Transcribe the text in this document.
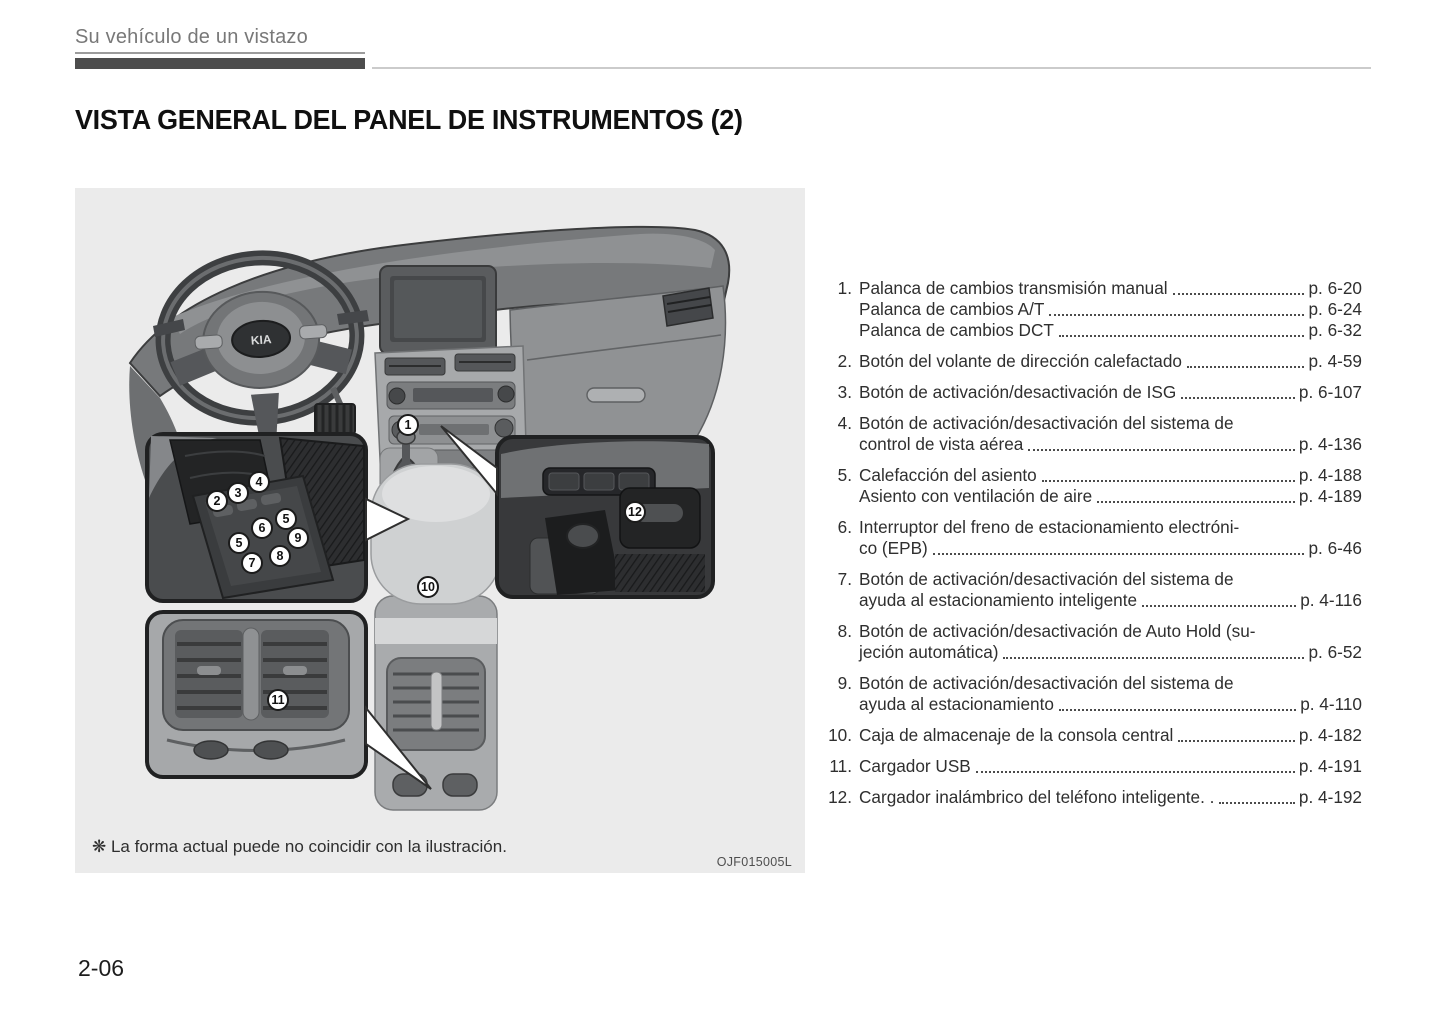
Su vehículo de un vistazo
VISTA GENERAL DEL PANEL DE INSTRUMENTOS (2)
KIA
1
2
3
4
5
6
5	9
7	8
10
11
12
❋ La forma actual puede no coincidir con la ilustración.
OJF015005L
1. Palanca de cambios transmisión manual	p. 6-20
Palanca de cambios A/T	p. 6-24
Palanca de cambios DCT	p. 6-32
2. Botón del volante de dirección calefactado	p. 4-59
3. Botón de activación/desactivación de ISG	p. 6-107
4. Botón de activación/desactivación del sistema de
control de vista aérea	p. 4-136
5. Calefacción del asiento	p. 4-188
Asiento con ventilación de aire	p. 4-189
6. Interruptor del freno de estacionamiento electróni-
co (EPB)	p. 6-46
7. Botón de activación/desactivación del sistema de
ayuda al estacionamiento inteligente	p. 4-116
8. Botón de activación/desactivación de Auto Hold (su-
jeción automática)	p. 6-52
9. Botón de activación/desactivación del sistema de
ayuda al estacionamiento	p. 4-110
10. Caja de almacenaje de la consola central	p. 4-182
11. Cargador USB	p. 4-191
12. Cargador inalámbrico del teléfono inteligente. .	p. 4-192
2-06
